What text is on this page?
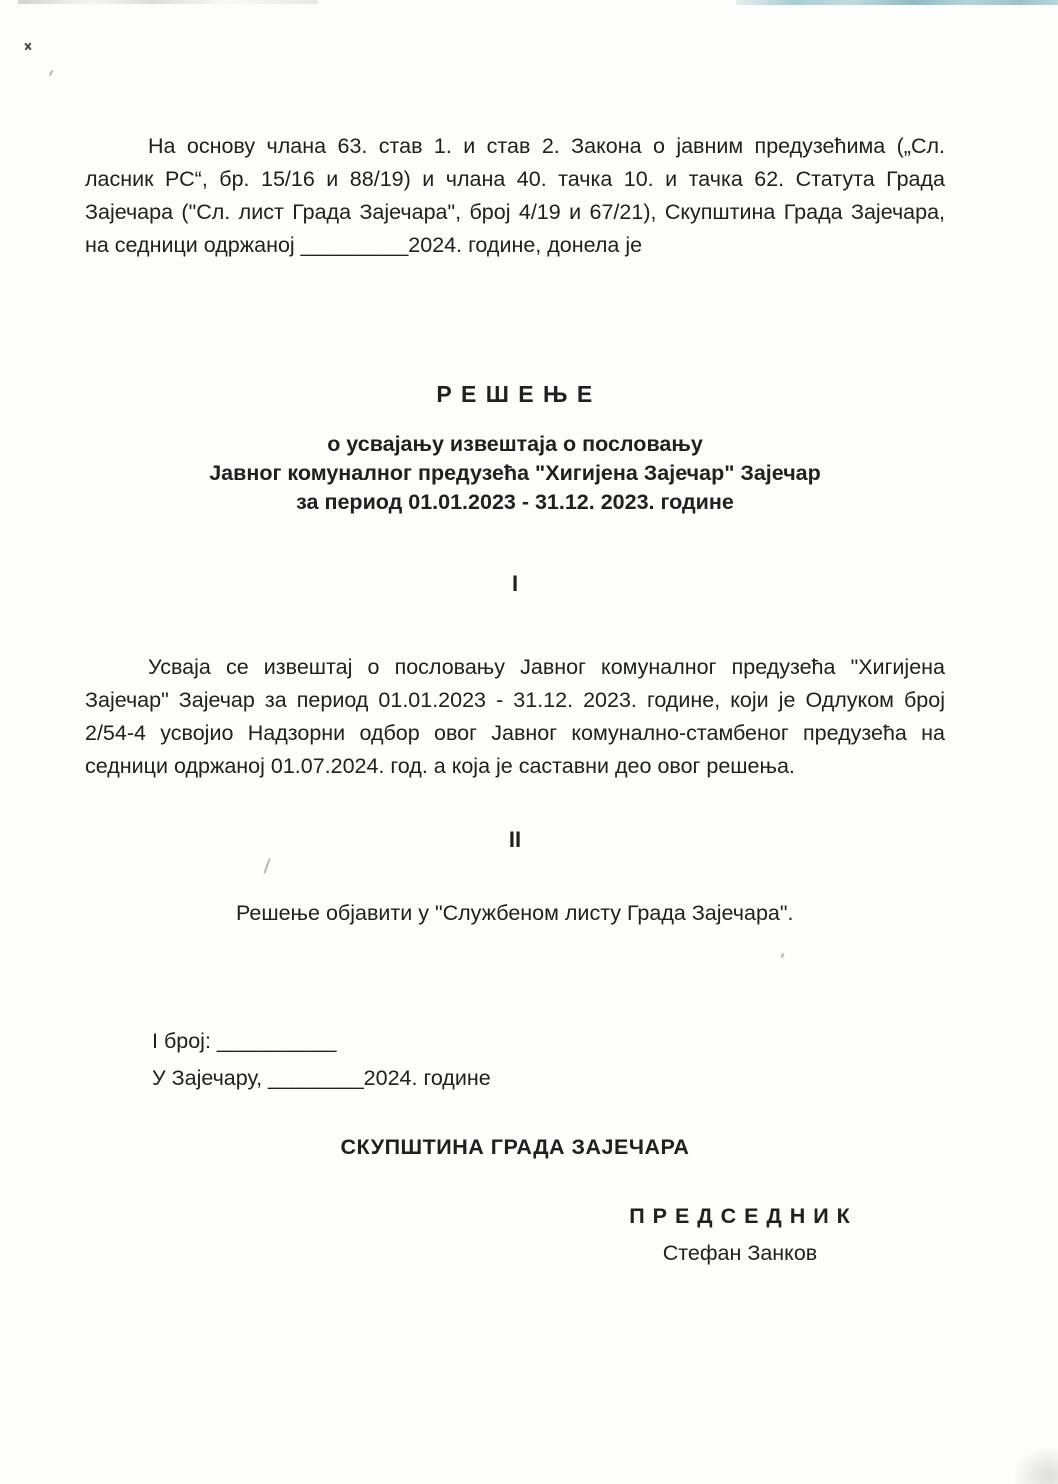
На основу члана 63. став 1. и став 2. Закона о јавним предузећима („Сл.
ласник РС“, бр. 15/16 и 88/19) и члана 40. тачка 10. и тачка 62. Статута Града
Зајечара ("Сл. лист Града Зајечара", број 4/19 и 67/21), Скупштина Града Зајечара,
на седници одржаној _________2024. године, донела је
Р Е Ш Е Њ Е
о усвајању извештаја о пословању
Јавног комуналног предузећа "Хигијена Зајечар" Зајечар
за период 01.01.2023 - 31.12. 2023. године
I
Усваја се извештај о пословању Јавног комуналног предузећа "Хигијена
Зајечар" Зајечар за период 01.01.2023 - 31.12. 2023. године, који је Одлуком број
2/54-4 усвојио Надзорни одбор овог Јавног комунално-стамбеног предузећа на
седници одржаној 01.07.2024. год. а која је саставни део овог решења.
II
Решење објавити у "Службеном листу Града Зајечара".
I број: __________
У Зајечару, ________2024. године
СКУПШТИНА ГРАДА ЗАЈЕЧАРА
П Р Е Д С Е Д Н И К
Стефан Занков
